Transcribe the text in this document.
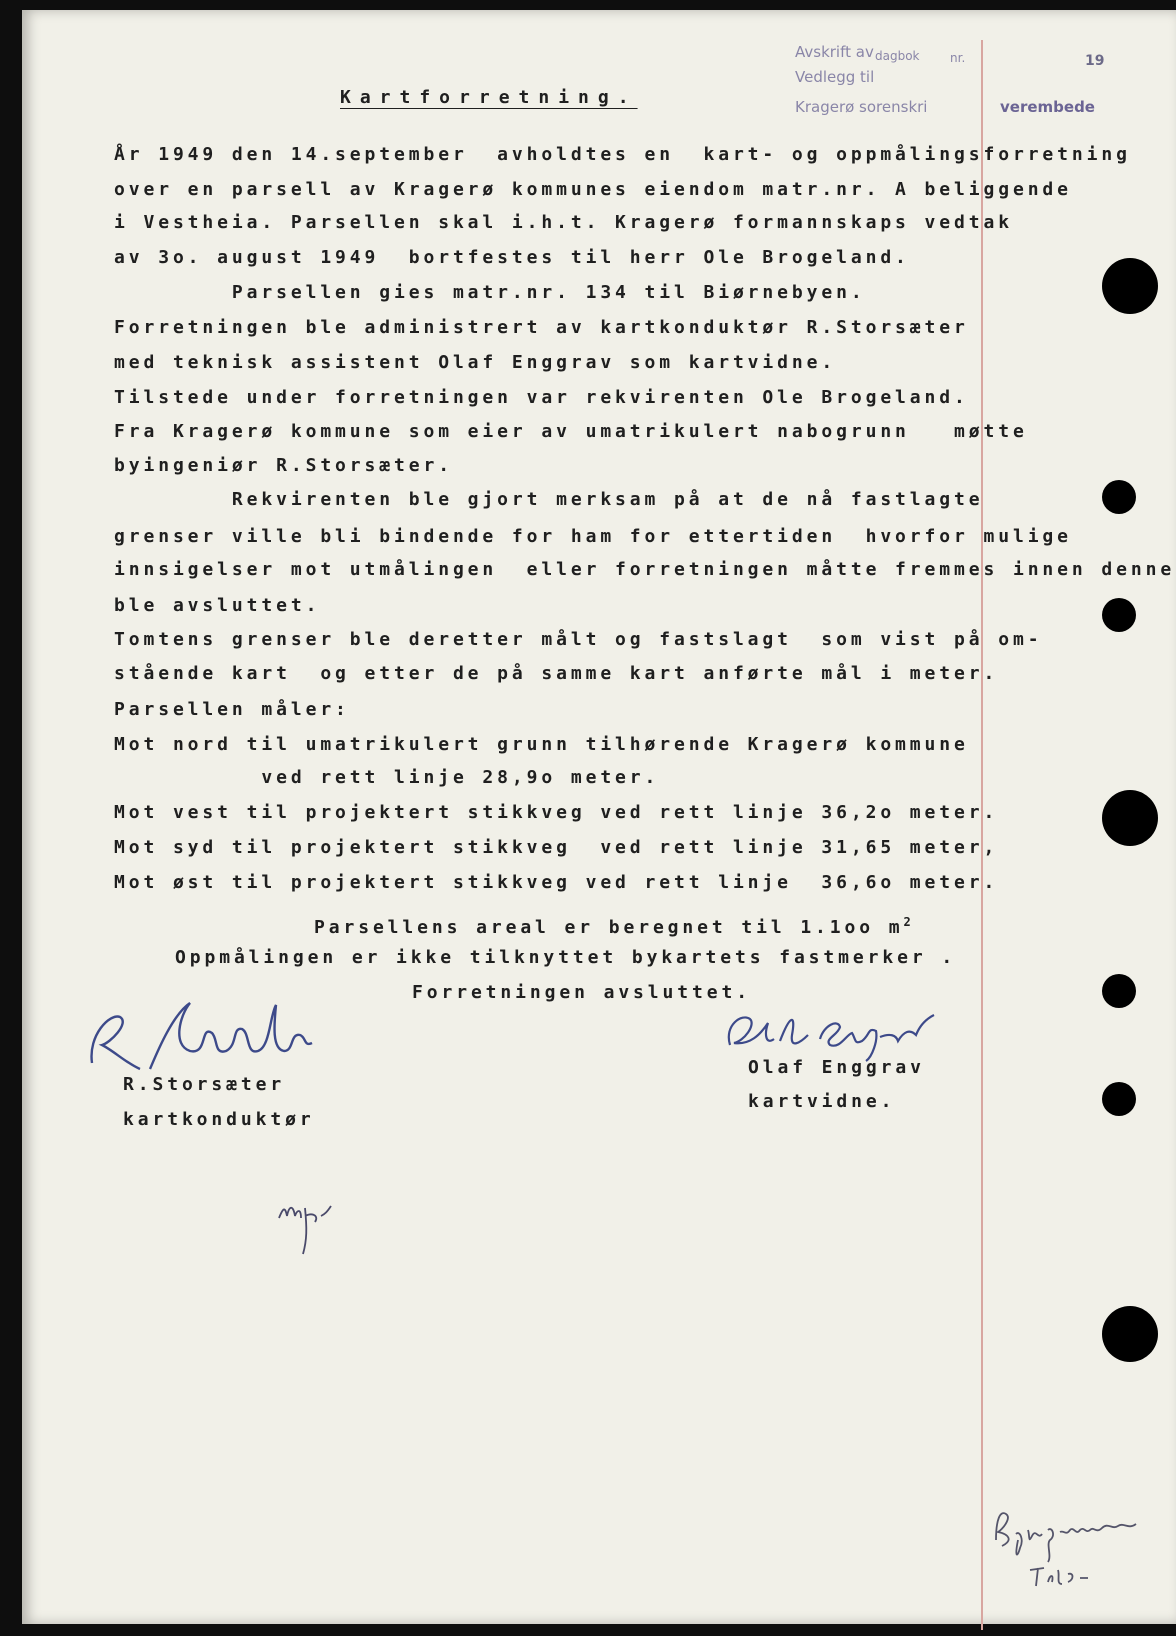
Avskrift av dagbok	nr.
Vedlegg til
Kragerø sorenskri	verembede
19
Kartforretning.
År 1949 den 14.september  avholdtes en  kart- og oppmålingsforretning
over en parsell av Kragerø kommunes eiendom matr.nr. A beliggende
i Vestheia. Parsellen skal i.h.t. Kragerø formannskaps vedtak
av 3o. august 1949  bortfestes til herr Ole Brogeland.
Parsellen gies matr.nr. 134 til Biørnebyen.
Forretningen ble administrert av kartkonduktør R.Storsæter
med teknisk assistent Olaf Enggrav som kartvidne.
Tilstede under forretningen var rekvirenten Ole Brogeland.
Fra Kragerø kommune som eier av umatrikulert nabogrunn   møtte
byingeniør R.Storsæter.
Rekvirenten ble gjort merksam på at de nå fastlagte
grenser ville bli bindende for ham for ettertiden  hvorfor mulige
innsigelser mot utmålingen  eller forretningen måtte fremmes innen denne
ble avsluttet.
Tomtens grenser ble deretter målt og fastslagt  som vist på om-
stående kart  og etter de på samme kart anførte mål i meter.
Parsellen måler:
Mot nord til umatrikulert grunn tilhørende Kragerø kommune
ved rett linje 28,9o meter.
Mot vest til projektert stikkveg ved rett linje 36,2o meter.
Mot syd til projektert stikkveg  ved rett linje 31,65 meter,
Mot øst til projektert stikkveg ved rett linje  36,6o meter.
Parsellens areal er beregnet til 1.1oo $m^2$
Oppmålingen er ikke tilknyttet bykartets fastmerker .
Forretningen avsluttet.
R.Storsæter
kartkonduktør
Olaf Enggrav
kartvidne.
